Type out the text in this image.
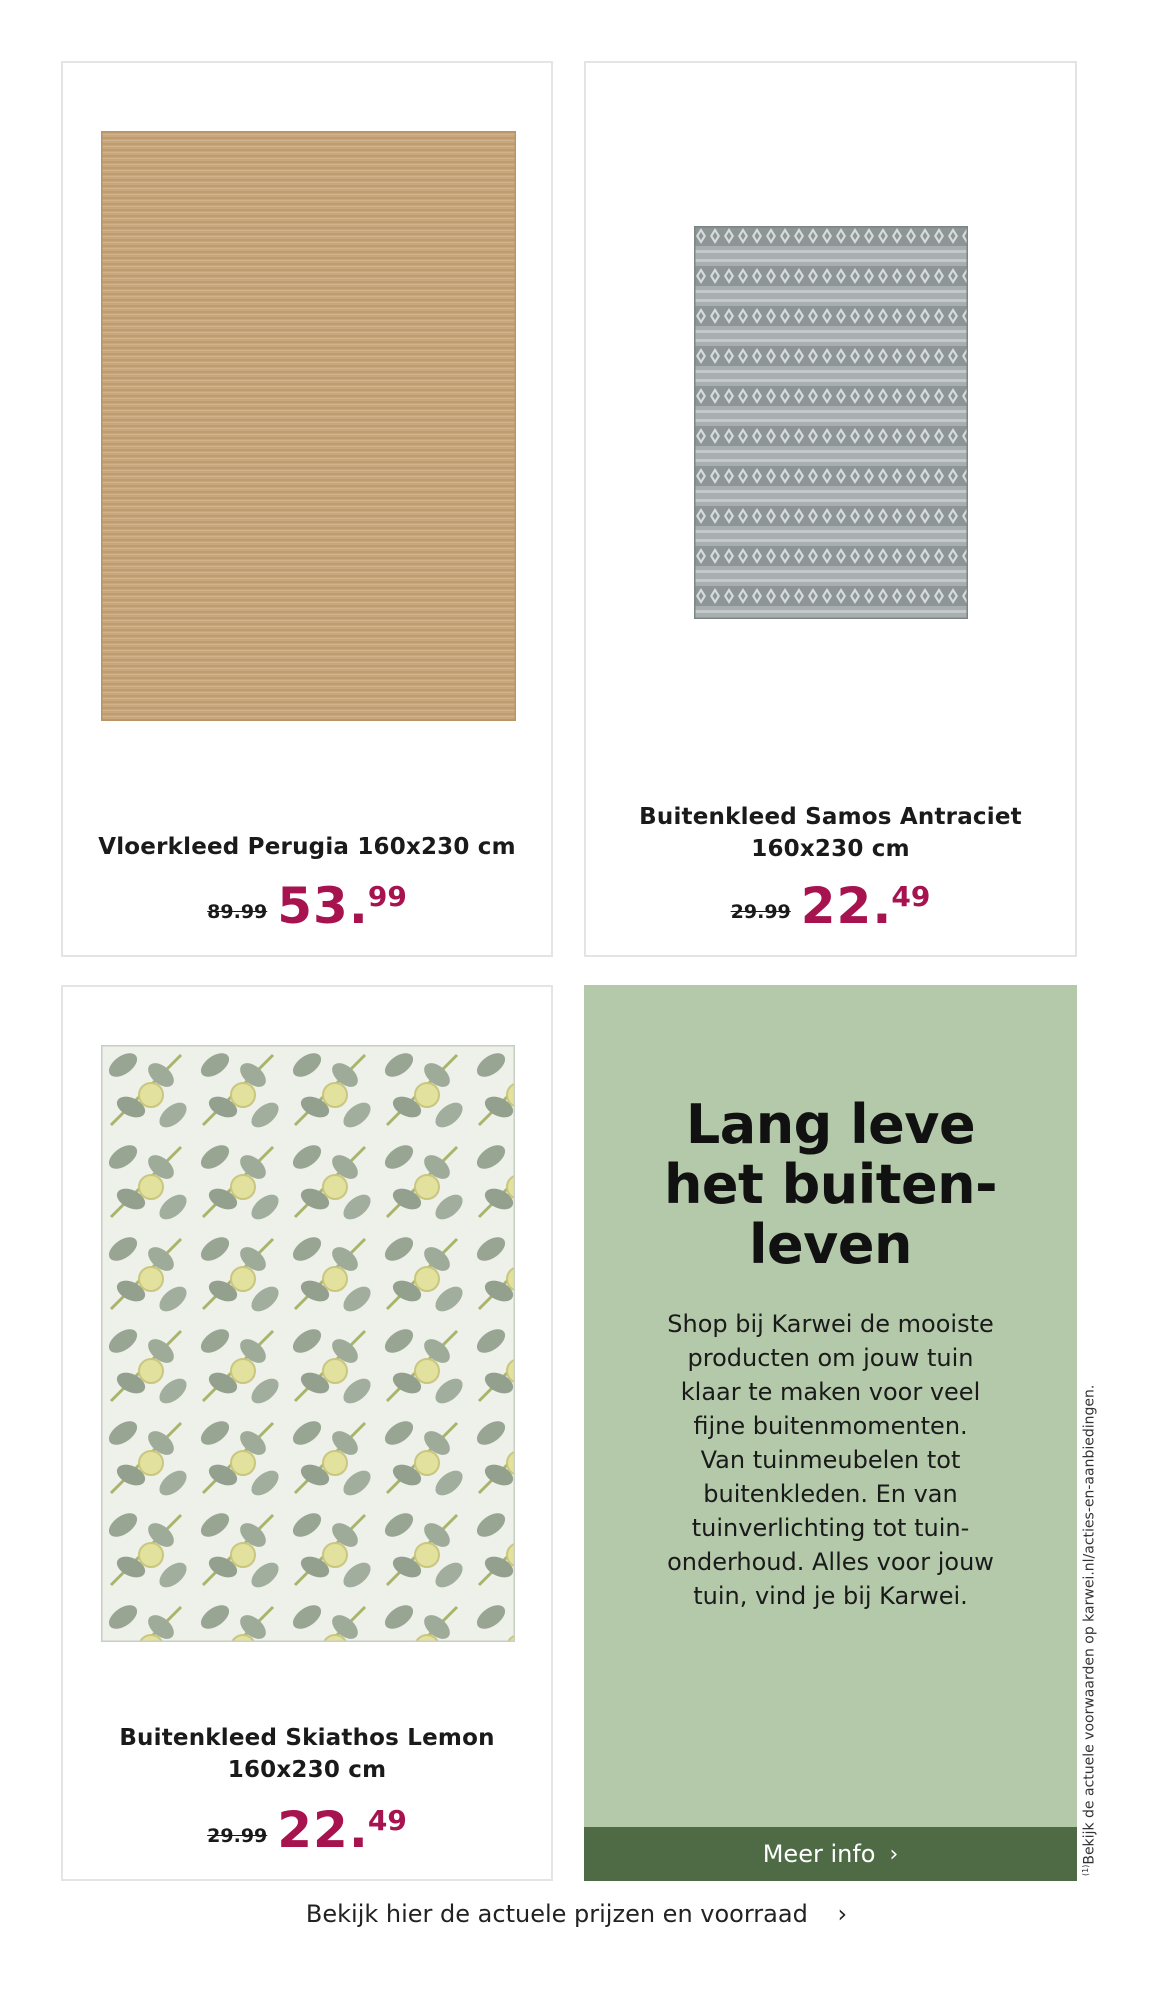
Vloerkleed Perugia 160x230 cm
89.99 53 . 99
Buitenkleed Samos Antraciet
160x230 cm
29.99 22 . 49
Buitenkleed Skiathos Lemon
160x230 cm
29.99 22 . 49
Lang leve
het buiten-
leven
Shop bij Karwei de mooiste
producten om jouw tuin
klaar te maken voor veel
fijne buitenmomenten.
Van tuinmeubelen tot
buitenkleden. En van
tuinverlichting tot tuin-
onderhoud. Alles voor jouw
tuin, vind je bij Karwei.
Meer info ›
$^{(1)}$Bekijk de actuele voorwaarden op karwei.nl/acties-en-aanbiedingen.
Bekijk hier de actuele prijzen en voorraad ›
